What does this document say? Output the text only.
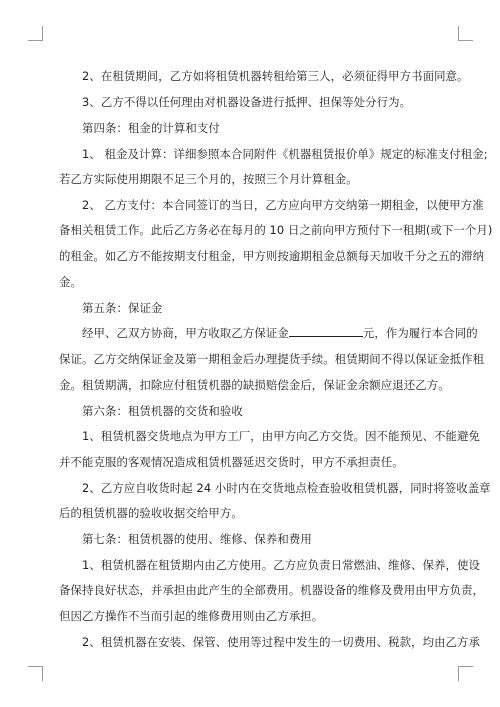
2、在租赁期间，乙方如将租赁机器转租给第三人，必须征得甲方书面同意。
3、乙方不得以任何理由对机器设备进行抵押、担保等处分行为。
第四条：租金的计算和支付
1、 租金及计算：详细参照本合同附件《机器租赁报价单》规定的标准支付租金;
若乙方实际使用期限不足三个月的，按照三个月计算租金。
2、 乙方支付：本合同签订的当日，乙方应向甲方交纳第一期租金，以便甲方准
备相关租赁工作。此后乙方务必在每月的 10 日之前向甲方预付下一租期(或下一个月)
的租金。如乙方不能按期支付租金，甲方则按逾期租金总额每天加收千分之五的滞纳
金。
第五条：保证金
经甲、乙双方协商，甲方收取乙方保证金	元，作为履行本合同的
保证。乙方交纳保证金及第一期租金后办理提货手续。租赁期间不得以保证金抵作租
金。租赁期满，扣除应付租赁机器的缺损赔偿金后，保证金余额应退还乙方。
第六条：租赁机器的交货和验收
1、租赁机器交货地点为甲方工厂，由甲方向乙方交货。因不能预见、不能避免
并不能克服的客观情况造成租赁机器延迟交货时，甲方不承担责任。
2、乙方应自收货时起 24 小时内在交货地点检查验收租赁机器，同时将签收盖章
后的租赁机器的验收收据交给甲方。
第七条：租赁机器的使用、维修、保养和费用
1、租赁机器在租赁期内由乙方使用。乙方应负责日常燃油、维修、保养，使设
备保持良好状态，并承担由此产生的全部费用。机器设备的维修及费用由甲方负责，
但因乙方操作不当而引起的维修费用则由乙方承担。
2、租赁机器在安装、保管、使用等过程中发生的一切费用、税款，均由乙方承
